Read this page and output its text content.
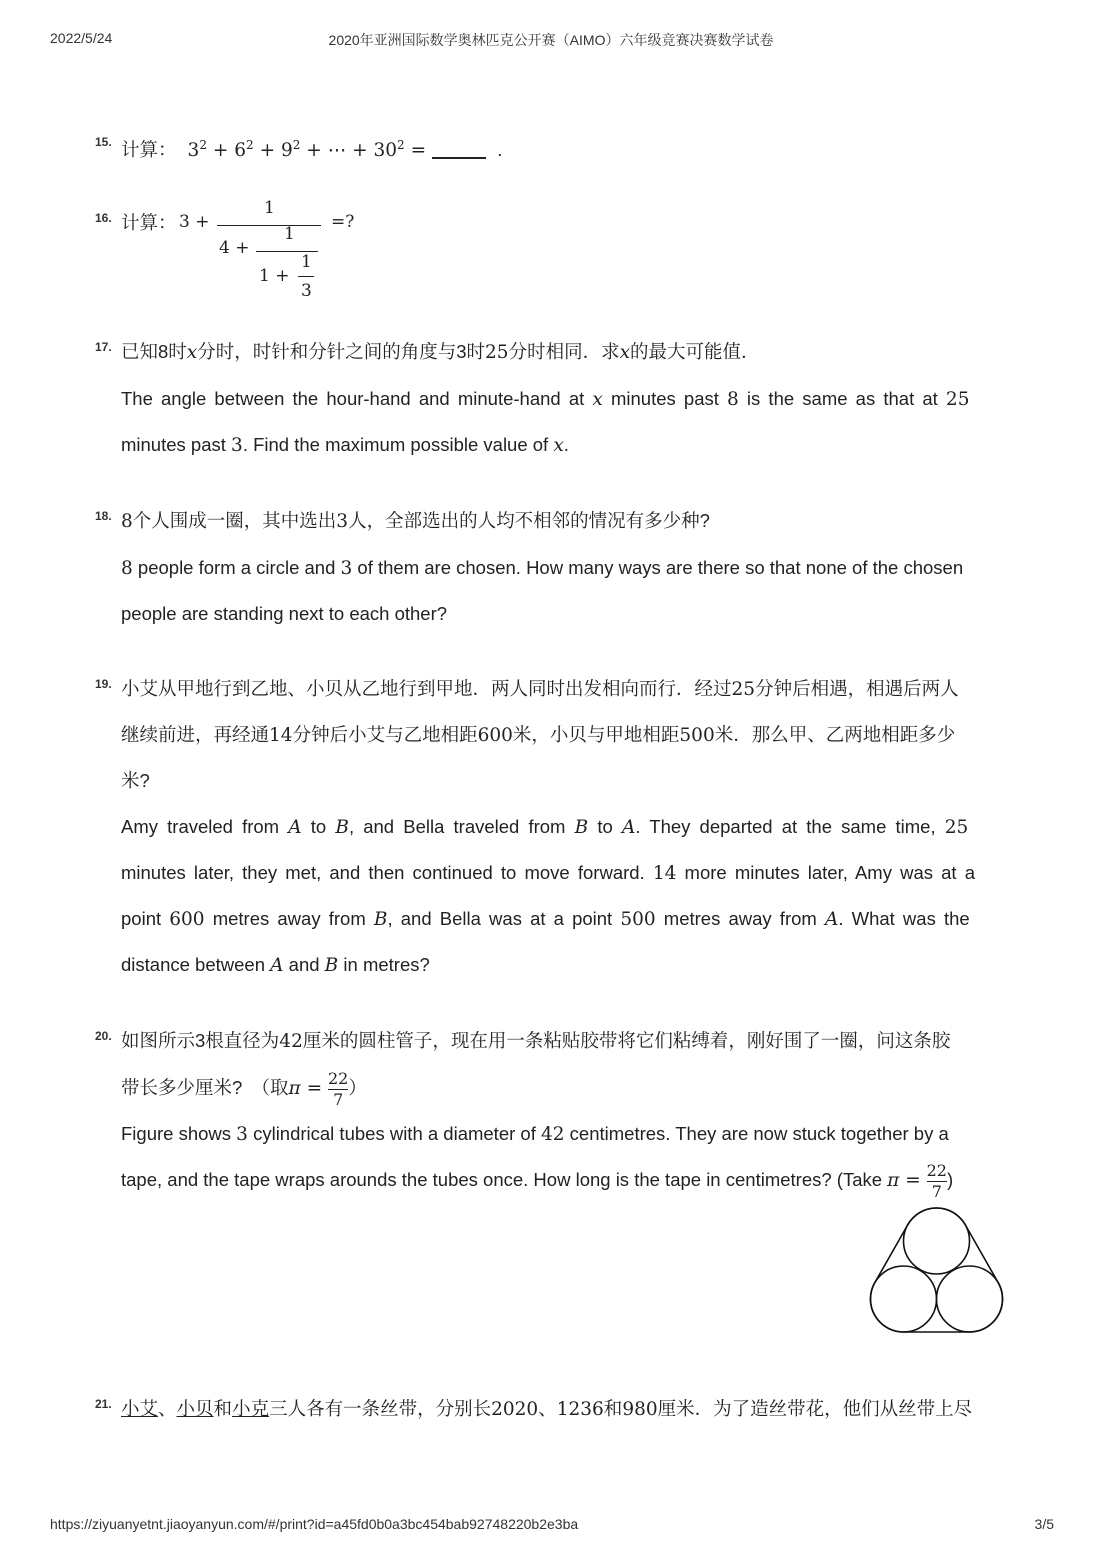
2022/5/24	2020年亚洲国际数学奥林匹克公开赛（AIMO）六年级竞赛决赛数学试卷
15. 计算： $3^2 + 6^2 + 9^2$ + ⋯ + $30^2$ =	.
16. 计算： 3 +
1
4 +
1
1 +
1
3
=?
17. 已知8时x分时，时针和分针之间的角度与3时25分时相同．求x的最大可能值．
The angle between the hour-hand and minute-hand at x minutes past 8 is the same as that at 25
minutes past 3. Find the maximum possible value of x.
18. 8个人围成一圈，其中选出3人，全部选出的人均不相邻的情况有多少种?
8 people form a circle and 3 of them are chosen. How many ways are there so that none of the chosen
people are standing next to each other?
19. 小艾从甲地行到乙地、小贝从乙地行到甲地．两人同时出发相向而行．经过25分钟后相遇，相遇后两人
继续前进，再经通14分钟后小艾与乙地相距600米，小贝与甲地相距500米．那么甲、乙两地相距多少
米?
Amy traveled from A to B, and Bella traveled from B to A. They departed at the same time, 25
minutes later, they met, and then continued to move forward. 14 more minutes later, Amy was at a
point 600 metres away from B, and Bella was at a point 500 metres away from A. What was the
distance between A and B in metres?
20. 如图所示3根直径为42厘米的圆柱管子，现在用一条粘贴胶带将它们粘缚着，刚好围了一圈，问这条胶
带长多少厘米?　（取$\pi = \frac{22}{7}$ ）
Figure shows 3 cylindrical tubes with a diameter of 42 centimetres. They are now stuck together by a
tape, and the tape wraps arounds the tubes once. How long is the tape in centimetres? (Take $\pi = \frac{22}{7}$ )
21. 小艾、小贝和小克三人各有一条丝带，分别长2020、1236和980厘米．为了造丝带花，他们从丝带上尽
https://ziyuanyetnt.jiaoyanyun.com/#/print?id=a45fd0b0a3bc454bab92748220b2e3ba	3/5
